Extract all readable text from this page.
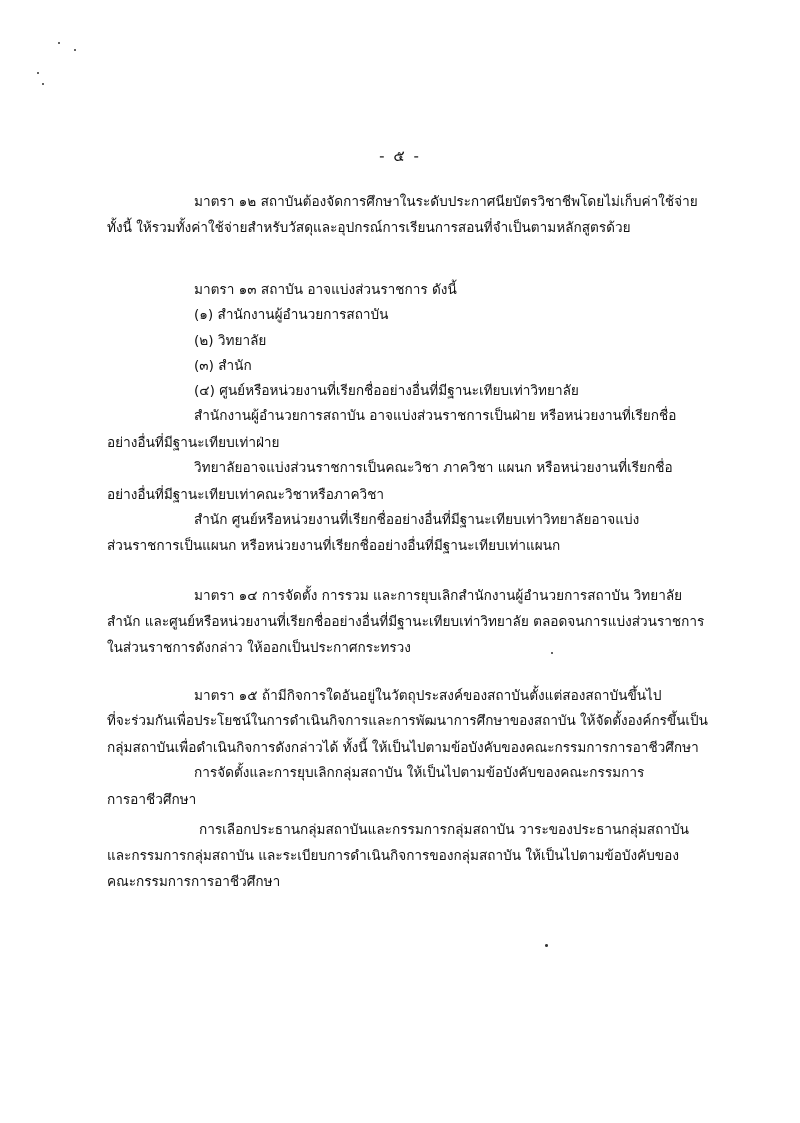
- ๕ -
มาตรา ๑๒ สถาบันต้องจัดการศึกษาในระดับประกาศนียบัตรวิชาชีพโดยไม่เก็บค่าใช้จ่าย
ทั้งนี้ ให้รวมทั้งค่าใช้จ่ายสำหรับวัสดุและอุปกรณ์การเรียนการสอนที่จำเป็นตามหลักสูตรด้วย
มาตรา ๑๓ สถาบัน อาจแบ่งส่วนราชการ ดังนี้
(๑) สำนักงานผู้อำนวยการสถาบัน
(๒) วิทยาลัย
(๓) สำนัก
(๔) ศูนย์หรือหน่วยงานที่เรียกชื่ออย่างอื่นที่มีฐานะเทียบเท่าวิทยาลัย
สำนักงานผู้อำนวยการสถาบัน อาจแบ่งส่วนราชการเป็นฝ่าย หรือหน่วยงานที่เรียกชื่อ
อย่างอื่นที่มีฐานะเทียบเท่าฝ่าย
วิทยาลัยอาจแบ่งส่วนราชการเป็นคณะวิชา ภาควิชา แผนก หรือหน่วยงานที่เรียกชื่อ
อย่างอื่นที่มีฐานะเทียบเท่าคณะวิชาหรือภาควิชา
สำนัก ศูนย์หรือหน่วยงานที่เรียกชื่ออย่างอื่นที่มีฐานะเทียบเท่าวิทยาลัยอาจแบ่ง
ส่วนราชการเป็นแผนก หรือหน่วยงานที่เรียกชื่ออย่างอื่นที่มีฐานะเทียบเท่าแผนก
มาตรา ๑๔ การจัดตั้ง การรวม และการยุบเลิกสำนักงานผู้อำนวยการสถาบัน วิทยาลัย
สำนัก และศูนย์หรือหน่วยงานที่เรียกชื่ออย่างอื่นที่มีฐานะเทียบเท่าวิทยาลัย ตลอดจนการแบ่งส่วนราชการ
ในส่วนราชการดังกล่าว ให้ออกเป็นประกาศกระทรวง
มาตรา ๑๕ ถ้ามีกิจการใดอันอยู่ในวัตถุประสงค์ของสถาบันตั้งแต่สองสถาบันขึ้นไป
ที่จะร่วมกันเพื่อประโยชน์ในการดำเนินกิจการและการพัฒนาการศึกษาของสถาบัน ให้จัดตั้งองค์กรขึ้นเป็น
กลุ่มสถาบันเพื่อดำเนินกิจการดังกล่าวได้ ทั้งนี้ ให้เป็นไปตามข้อบังคับของคณะกรรมการการอาชีวศึกษา
การจัดตั้งและการยุบเลิกกลุ่มสถาบัน ให้เป็นไปตามข้อบังคับของคณะกรรมการ
การอาชีวศึกษา
การเลือกประธานกลุ่มสถาบันและกรรมการกลุ่มสถาบัน วาระของประธานกลุ่มสถาบัน
และกรรมการกลุ่มสถาบัน และระเบียบการดำเนินกิจการของกลุ่มสถาบัน ให้เป็นไปตามข้อบังคับของ
คณะกรรมการการอาชีวศึกษา
